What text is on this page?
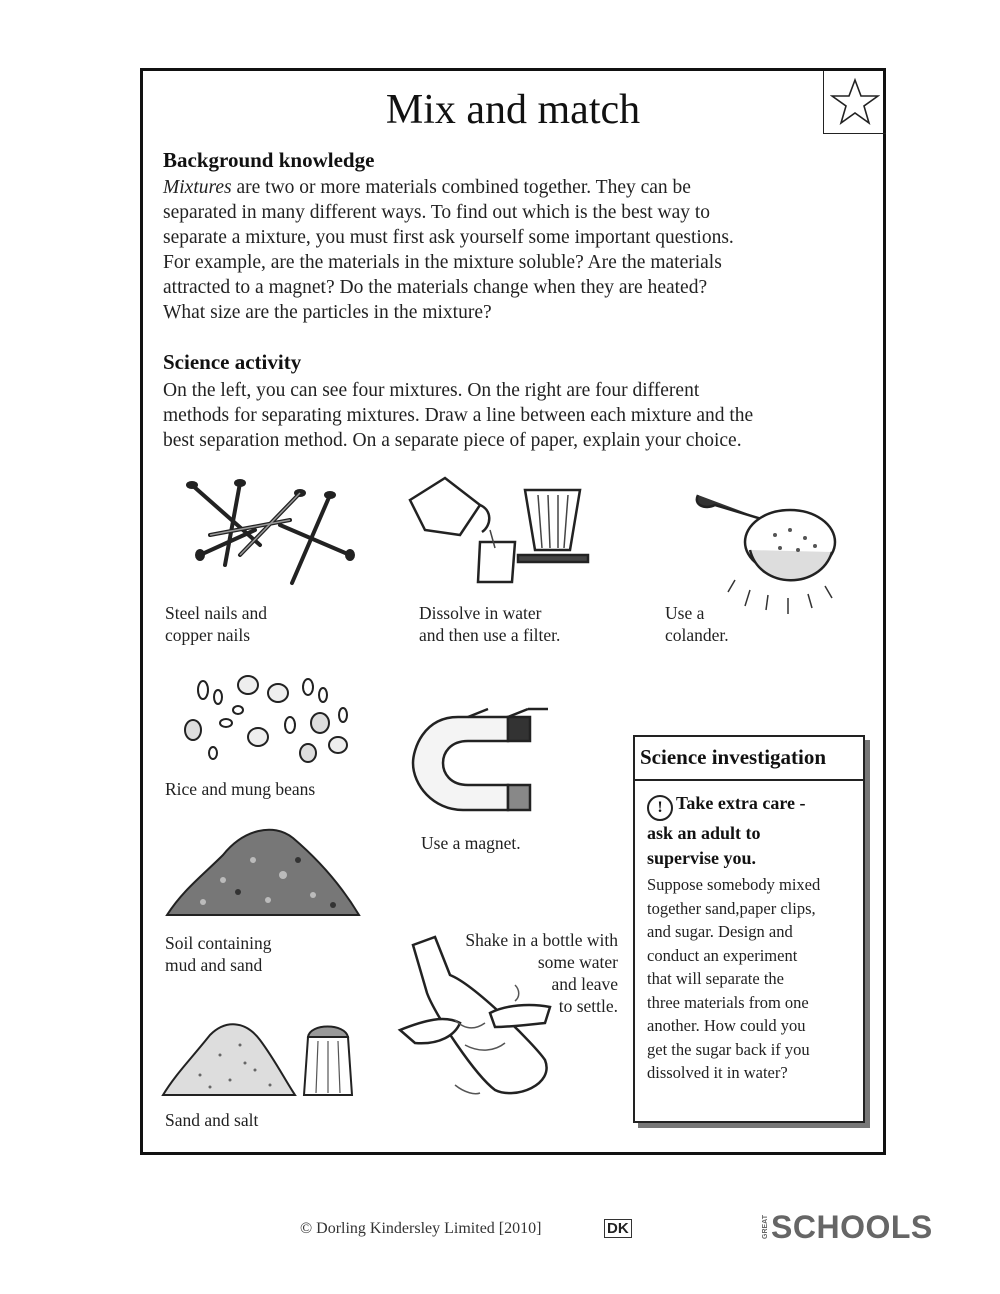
Mix and match
Background knowledge
Mixtures are two or more materials combined together. They can be
separated in many different ways. To find out which is the best way to
separate a mixture, you must first ask yourself some important questions.
For example, are the materials in the mixture soluble? Are the materials
attracted to a magnet? Do the materials change when they are heated?
What size are the particles in the mixture?
Science activity
On the left, you can see four mixtures. On the right are four different
methods for separating mixtures. Draw a line between each mixture and the
best separation method. On a separate piece of paper, explain your choice.
Steel nails and
copper nails
Dissolve in water
and then use a filter.
Use a
colander.
Rice and mung beans
Use a magnet.
Soil containing
mud and sand
Shake in a bottle with
some water
and leave
to settle.
Sand and salt
Science investigation
! Take extra care -
ask an adult to
supervise you.
Suppose somebody mixed
together sand,paper clips,
and sugar. Design and
conduct an experiment
that will separate the
three materials from one
another. How could you
get the sugar back if you
dissolved it in water?
© Dorling Kindersley Limited [2010]	DK	GREAT SCHOOLS
